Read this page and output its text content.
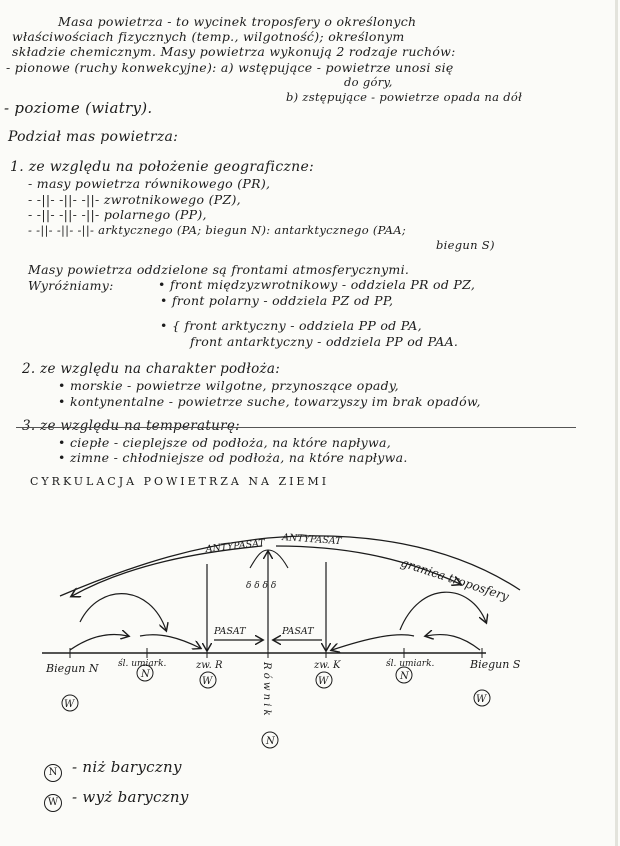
Masa powietrza - to wycinek troposfery o określonych
właściwościach fizycznych (temp., wilgotność); określonym
składzie chemicznym. Masy powietrza wykonują 2 rodzaje ruchów:
- pionowe (ruchy konwekcyjne): a) wstępujące - powietrze unosi się
do góry,
b) zstępujące - powietrze opada na dół
- poziome (wiatry).
Podział mas powietrza:
1. ze względu na położenie geograficzne:
- masy powietrza równikowego (PR),
- -||- -||- -||- zwrotnikowego (PZ),
- -||- -||- -||- polarnego (PP),
- -||- -||- -||- arktycznego (PA; biegun N): antarktycznego (PAA;
biegun S)
Masy powietrza oddzielone są frontami atmosferycznymi.
Wyróżniamy:	• front międzyzwrotnikowy - oddziela PR od PZ,
• front polarny - oddziela PZ od PP,
• { front arktyczny - oddziela PP od PA,
front antarktyczny - oddziela PP od PAA.
2. ze względu na charakter podłoża:
• morskie - powietrze wilgotne, przynoszące opady,
• kontynentalne - powietrze suche, towarzyszy im brak opadów,
3. ze względu na temperaturę:
• ciepłe - cieplejsze od podłoża, na które napływa,
• zimne - chłodniejsze od podłoża, na które napływa.
CYRKULACJA POWIETRZA NA ZIEMI
granica troposfery
ANTYPASAT ANTYPASAT
δ δ δ δ
PASAT	PASAT
Biegun N śl. umiark.	zw. R	R ó w n i k	zw. K	śl. umiark.	Biegun S
W
N
W
N
W	N
W
N - niż baryczny
W - wyż baryczny
